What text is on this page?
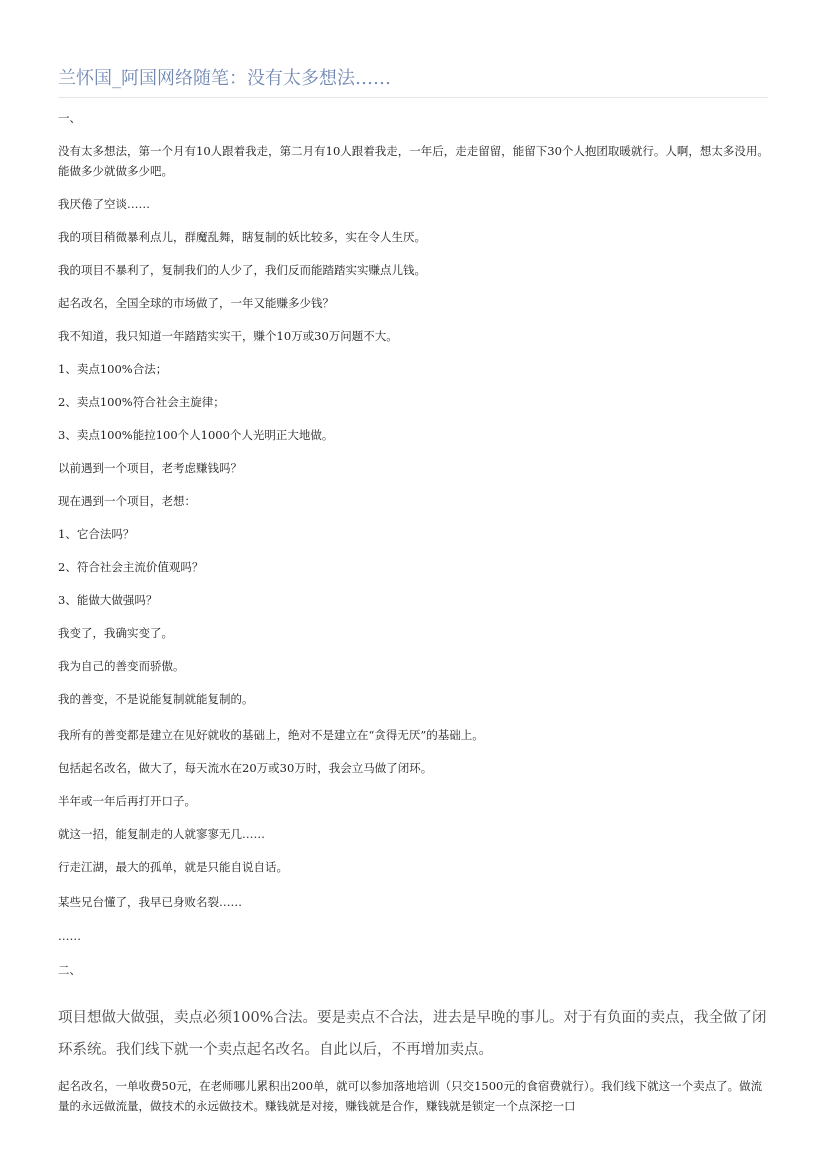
兰怀国_阿国网络随笔：没有太多想法……

一、

没有太多想法，第一个月有10人跟着我走，第二月有10人跟着我走，一年后，走走留留，能留下30个人抱团取暖就行。人啊，想太多没用。能做多少就做多少吧。

我厌倦了空谈……

我的项目稍微暴利点儿，群魔乱舞，瞎复制的妖比较多，实在令人生厌。

我的项目不暴利了，复制我们的人少了，我们反而能踏踏实实赚点儿钱。

起名改名，全国全球的市场做了，一年又能赚多少钱？

我不知道，我只知道一年踏踏实实干，赚个10万或30万问题不大。

1、卖点100%合法；

2、卖点100%符合社会主旋律；

3、卖点100%能拉100个人1000个人光明正大地做。

以前遇到一个项目，老考虑赚钱吗？

现在遇到一个项目，老想：

1、它合法吗？

2、符合社会主流价值观吗？

3、能做大做强吗？

我变了，我确实变了。

我为自己的善变而骄傲。

我的善变，不是说能复制就能复制的。

我所有的善变都是建立在见好就收的基础上，绝对不是建立在“贪得无厌”的基础上。

包括起名改名，做大了，每天流水在20万或30万时，我会立马做了闭环。

半年或一年后再打开口子。

就这一招，能复制走的人就寥寥无几……

行走江湖，最大的孤单，就是只能自说自话。

某些兄台懂了，我早已身败名裂……

……

二、

项目想做大做强，卖点必须100%合法。要是卖点不合法，进去是早晚的事儿。对于有负面的卖点，我全做了闭环系统。我们线下就一个卖点起名改名。自此以后，不再增加卖点。

起名改名，一单收费50元，在老师哪儿累积出200单，就可以参加落地培训（只交1500元的食宿费就行）。我们线下就这一个卖点了。做流量的永远做流量，做技术的永远做技术。赚钱就是对接，赚钱就是合作，赚钱就是锁定一个点深挖一口
